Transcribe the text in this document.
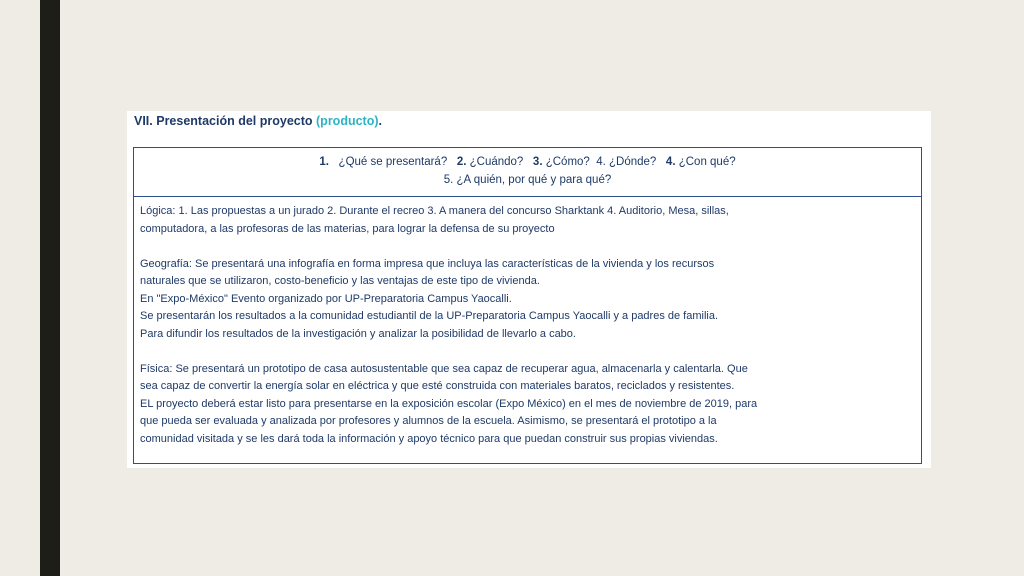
VII. Presentación del proyecto (producto).
1. ¿Qué se presentará? 2. ¿Cuándo? 3. ¿Cómo? 4. ¿Dónde? 4. ¿Con qué?
5. ¿A quién, por qué y para qué?

Lógica: 1. Las propuestas a un jurado 2. Durante el recreo 3. A manera del concurso Sharktank 4. Auditorio, Mesa, sillas,

computadora, a las profesoras de las materias, para lograr la defensa de su proyecto

Geografía: Se presentará una infografía en forma impresa que incluya las características de la vivienda y los recursos

naturales que se utilizaron, costo-beneficio y las ventajas de este tipo de vivienda.

En "Expo-México" Evento organizado por UP-Preparatoria Campus Yaocalli.

Se presentarán los resultados a la comunidad estudiantil de la UP-Preparatoria Campus Yaocalli y a padres de familia.

Para difundir los resultados de la investigación y analizar la posibilidad de llevarlo a cabo.

Física: Se presentará un prototipo de casa autosustentable que sea capaz de recuperar agua, almacenarla y calentarla. Que

sea capaz de convertir la energía solar en eléctrica y que esté construida con materiales baratos, reciclados y resistentes.

EL proyecto deberá estar listo para presentarse en la exposición escolar (Expo México) en el mes de noviembre de 2019, para

que pueda ser evaluada y analizada por profesores y alumnos de la escuela. Asimismo, se presentará el prototipo a la

comunidad visitada y se les dará toda la información y apoyo técnico para que puedan construir sus propias viviendas.
